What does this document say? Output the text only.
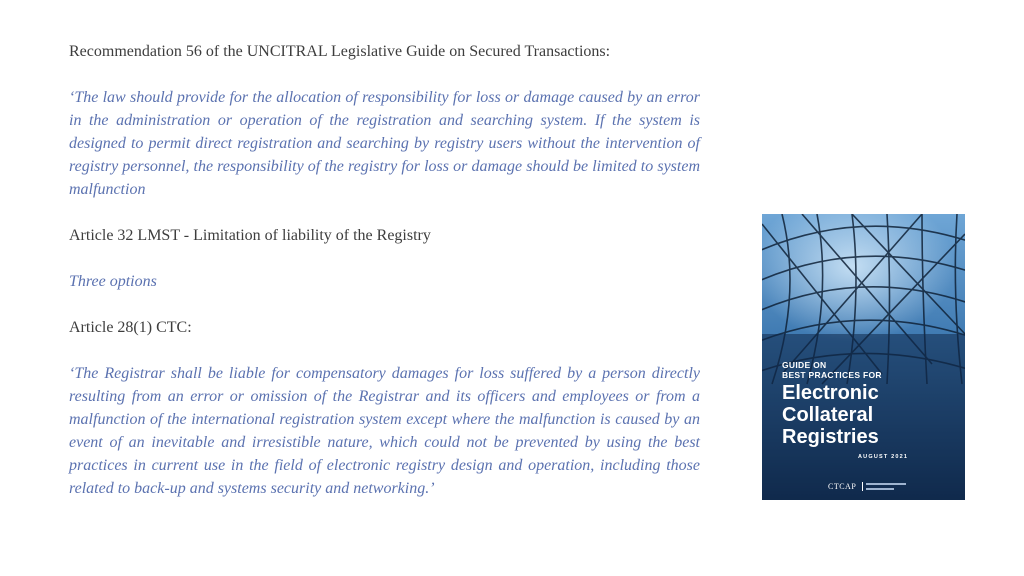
Recommendation 56 of the UNCITRAL Legislative Guide on Secured Transactions:

‘The law should provide for the allocation of responsibility for loss or damage caused by an error in the administration or operation of the registration and searching system. If the system is designed to permit direct registration and searching by registry users without the intervention of registry personnel, the responsibility of the registry for loss or damage should be limited to system malfunction

Article 32 LMST - Limitation of liability of the Registry

Three options

Article 28(1) CTC:

‘The Registrar shall be liable for compensatory damages for loss suffered by a person directly resulting from an error or omission of the Registrar and its officers and employees or from a malfunction of the international registration system except where the malfunction is caused by an event of an inevitable and irresistible nature, which could not be prevented by using the best practices in current use in the field of electronic registry design and operation, including those related to back-up and systems security and networking.’

GUIDE ON
BEST PRACTICES FOR
Electronic
Collateral
Registries
AUGUST 2021
CTCAP
